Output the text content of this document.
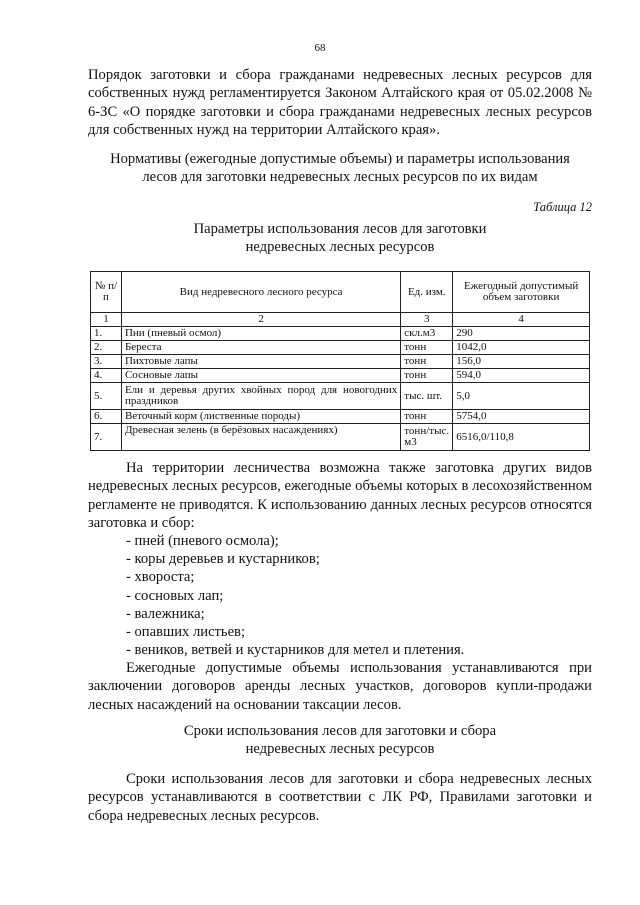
68
Порядок заготовки и сбора гражданами недревесных лесных ресурсов для собственных нужд регламентируется Законом Алтайского края от 05.02.2008 № 6-ЗС «О порядке заготовки и сбора гражданами недревесных лесных ресурсов для собственных нужд на территории Алтайского края».
Нормативы (ежегодные допустимые объемы) и параметры использования
лесов для заготовки недревесных лесных ресурсов по их видам
Таблица 12
Параметры использования лесов для заготовки
недревесных лесных ресурсов
№ п/п	Вид недревесного лесного ресурса	Ед. изм.	Ежегодный допустимый объем заготовки
1	2	3	4
1.	Пни (пневый осмол)	скл.м3	290
2.	Береста	тонн	1042,0
3.	Пихтовые лапы	тонн	156,0
4.	Сосновые лапы	тонн	594,0
5.	Ели и деревья других хвойных пород для новогодних праздников	тыс. шт.	5,0
6.	Веточный корм (лиственные породы)	тонн	5754,0
7.	Древесная зелень (в берёзовых насаждениях)	тонн/тыс. м3	6516,0/110,8
На территории лесничества возможна также заготовка других видов недревесных лесных ресурсов, ежегодные объемы которых в лесохозяйственном регламенте не приводятся. К использованию данных лесных ресурсов относятся заготовка и сбор:
- пней (пневого осмола);
- коры деревьев и кустарников;
- хвороста;
- сосновых лап;
- валежника;
- опавших листьев;
- веников, ветвей и кустарников для метел и плетения.
Ежегодные допустимые объемы использования устанавливаются при заключении договоров аренды лесных участков, договоров купли-продажи лесных насаждений на основании таксации лесов.
Сроки использования лесов для заготовки и сбора
недревесных лесных ресурсов
Сроки использования лесов для заготовки и сбора недревесных лесных ресурсов устанавливаются в соответствии с ЛК РФ, Правилами заготовки и сбора недревесных лесных ресурсов.
